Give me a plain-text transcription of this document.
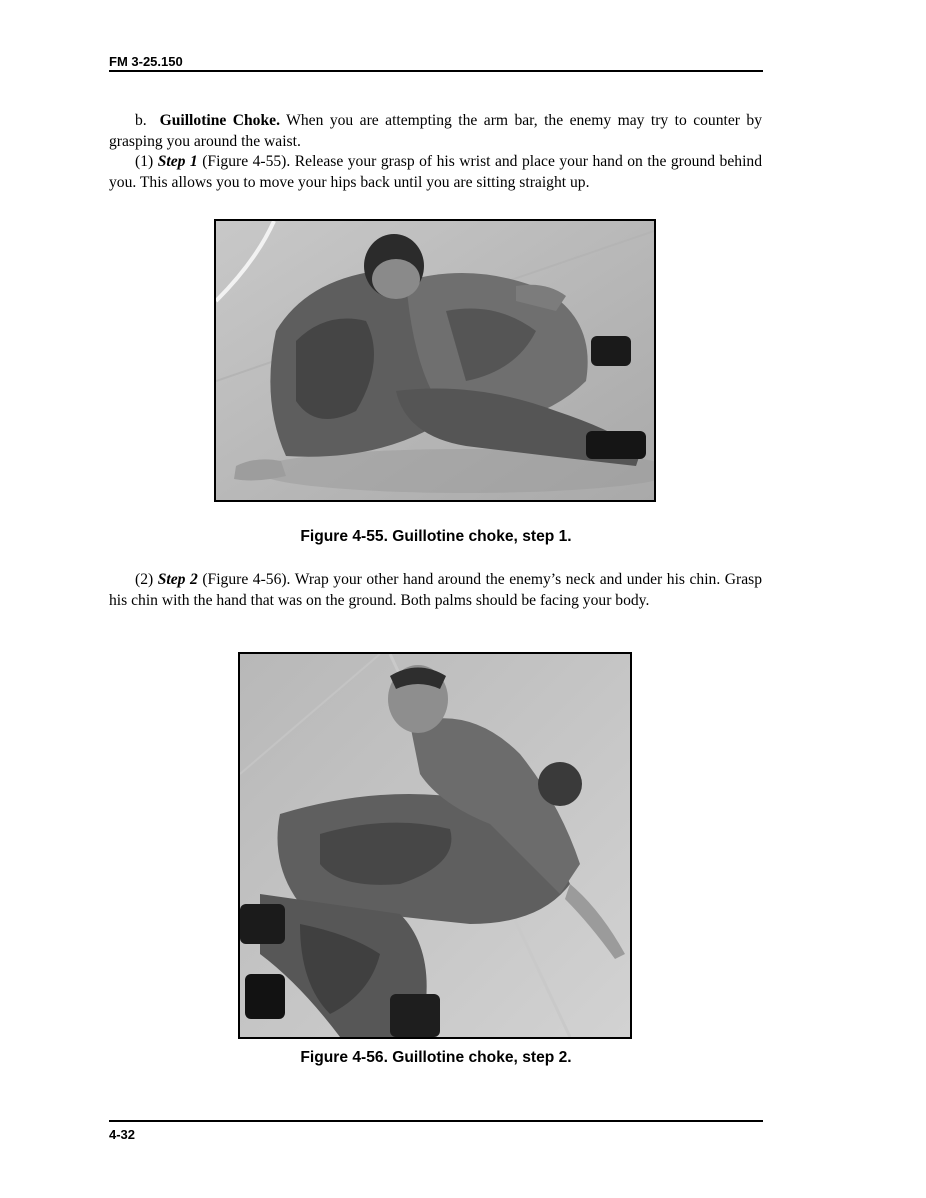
FM 3-25.150

b. Guillotine Choke. When you are attempting the arm bar, the enemy may try to counter by grasping you around the waist.

(1) Step 1 (Figure 4-55). Release your grasp of his wrist and place your hand on the ground behind you. This allows you to move your hips back until you are sitting straight up.

Figure 4-55. Guillotine choke, step 1.

(2) Step 2 (Figure 4-56). Wrap your other hand around the enemy’s neck and under his chin. Grasp his chin with the hand that was on the ground. Both palms should be facing your body.

Figure 4-56. Guillotine choke, step 2.
4-32
